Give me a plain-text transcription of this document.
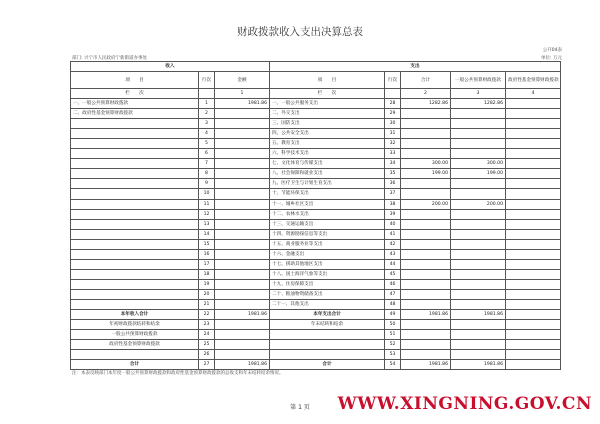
财政拨款收入支出决算总表
公开04表
部门: 兴宁市人民政府宁新街道办事处	单位: 万元
收入			支出				
项　　目	行次	金额	项　　目	行次	合计	一般公共预算财政拨款	政府性基金预算财政拨款
栏　　次		1	栏　　次		2	3	4
一、一般公共预算财政拨款	1	1981.86	一、一般公共服务支出	28	1282.86	1282.86	
二、政府性基金预算财政拨款	2		二、外交支出	29			
	3		三、国防支出	30			
	4		四、公共安全支出	31			
	5		五、教育支出	32			
	6		六、科学技术支出	33			
	7		七、文化体育与传媒支出	34	300.00	300.00	
	8		八、社会保障和就业支出	35	199.00	199.00	
	9		九、医疗卫生与计划生育支出	36			
	10		十、节能环保支出	37			
	11		十一、城乡社区支出	38	200.00	200.00	
	12		十二、农林水支出	39			
	13		十三、交通运输支出	40			
	14		十四、资源勘探信息等支出	41			
	15		十五、商业服务业等支出	42			
	16		十六、金融支出	43			
	17		十七、援助其他地区支出	44			
	18		十八、国土海洋气象等支出	45			
	19		十九、住房保障支出	46			
	20		二十、粮油物资储备支出	47			
	21		二十一、其他支出	48			
本年收入合计	22	1981.86	本年支出合计	49	1981.86	1981.86	
年初财政拨款结转和结余	23		年末结转和结余	50			
一般公共预算财政拨款	24			51			
政府性基金预算财政拨款	25			52			
	26			53			
合计	27	1981.86	合计	54	1981.86	1981.86	
注：本表反映部门本年度一般公共预算财政拨款和政府性基金预算财政拨款的总收支和年末结转结余情况。
第 1 页	WWW.XINGNING.GOV.CN
